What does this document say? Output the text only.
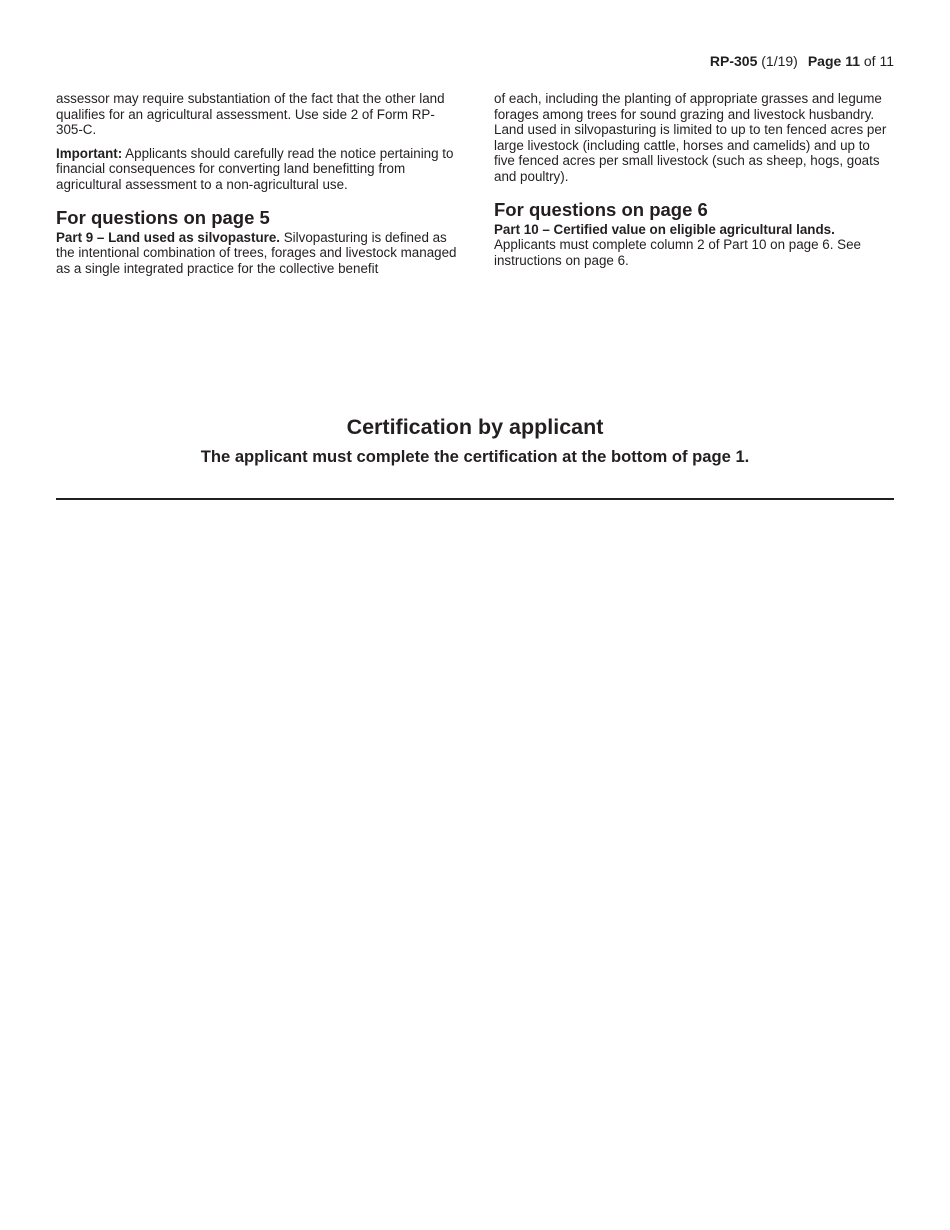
RP-305 (1/19) Page 11 of 11

assessor may require substantiation of the fact that the other land qualifies for an agricultural assessment. Use side 2 of Form RP-305-C.

Important: Applicants should carefully read the notice pertaining to financial consequences for converting land benefitting from agricultural assessment to a non-agricultural use.

For questions on page 5

Part 9 – Land used as silvopasture. Silvopasturing is defined as the intentional combination of trees, forages and livestock managed as a single integrated practice for the collective benefit

of each, including the planting of appropriate grasses and legume forages among trees for sound grazing and livestock husbandry. Land used in silvopasturing is limited to up to ten fenced acres per large livestock (including cattle, horses and camelids) and up to five fenced acres per small livestock (such as sheep, hogs, goats and poultry).

For questions on page 6

Part 10 – Certified value on eligible agricultural lands.
Applicants must complete column 2 of Part 10 on page 6. See instructions on page 6.

Certification by applicant
The applicant must complete the certification at the bottom of page 1.
